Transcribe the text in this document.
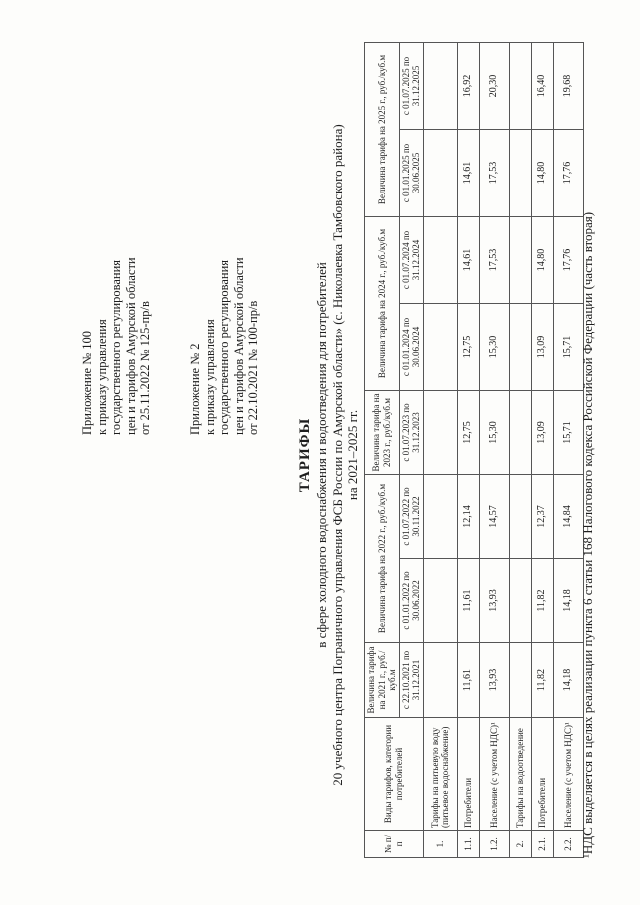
Приложение № 100 к приказу управления государственного регулирования цен и тарифов Амурской области от 25.11.2022 № 125-пр/в	Приложение № 2 к приказу управления государственного регулирования цен и тарифов Амурской области от 22.10.2021 № 100-пр/в
ТАРИФЫ в сфере холодного водоснабжения и водоотведения для потребителей 20 учебного центра Пограничного управления ФСБ России по Амурской области» (с. Николаевка Тамбовского района) на 2021–2025 гг.
№ п/п	Виды тарифов, категории потребителей	Величина тарифа на 2021 г., руб./куб.м	Величина тарифа на 2022 г., руб./куб.м		Величина тарифа на 2023 г., руб./куб.м	Величина тарифа на 2024 г., руб./куб.м		Величина тарифа на 2025 г., руб./куб.м	
		с 22.10.2021 по 31.12.2021	с 01.01.2022 по 30.06.2022	с 01.07.2022 по 30.11.2022	с 01.07.2023 по 31.12.2023	с 01.01.2024 по 30.06.2024	с 01.07.2024 по 31.12.2024	с 01.01.2025 по 30.06.2025	с 01.07.2025 по 31.12.2025
1.	Тарифы на питьевую воду (питьевое водоснабжение)								
1.1.	Потребители	11,61	11,61	12,14	12,75	12,75	14,61	14,61	16,92
1.2.	Население (с учетом НДС)¹	13,93	13,93	14,57	15,30	15,30	17,53	17,53	20,30
2.	Тарифы на водоотведение								
2.1.	Потребители	11,82	11,82	12,37	13,09	13,09	14,80	14,80	16,40
2.2.	Население (с учетом НДС)¹	14,18	14,18	14,84	15,71	15,71	17,76	17,76	19,68
¹НДС выделяется в целях реализации пункта 6 статьи 168 Налогового кодекса Российской Федерации (часть вторая)
